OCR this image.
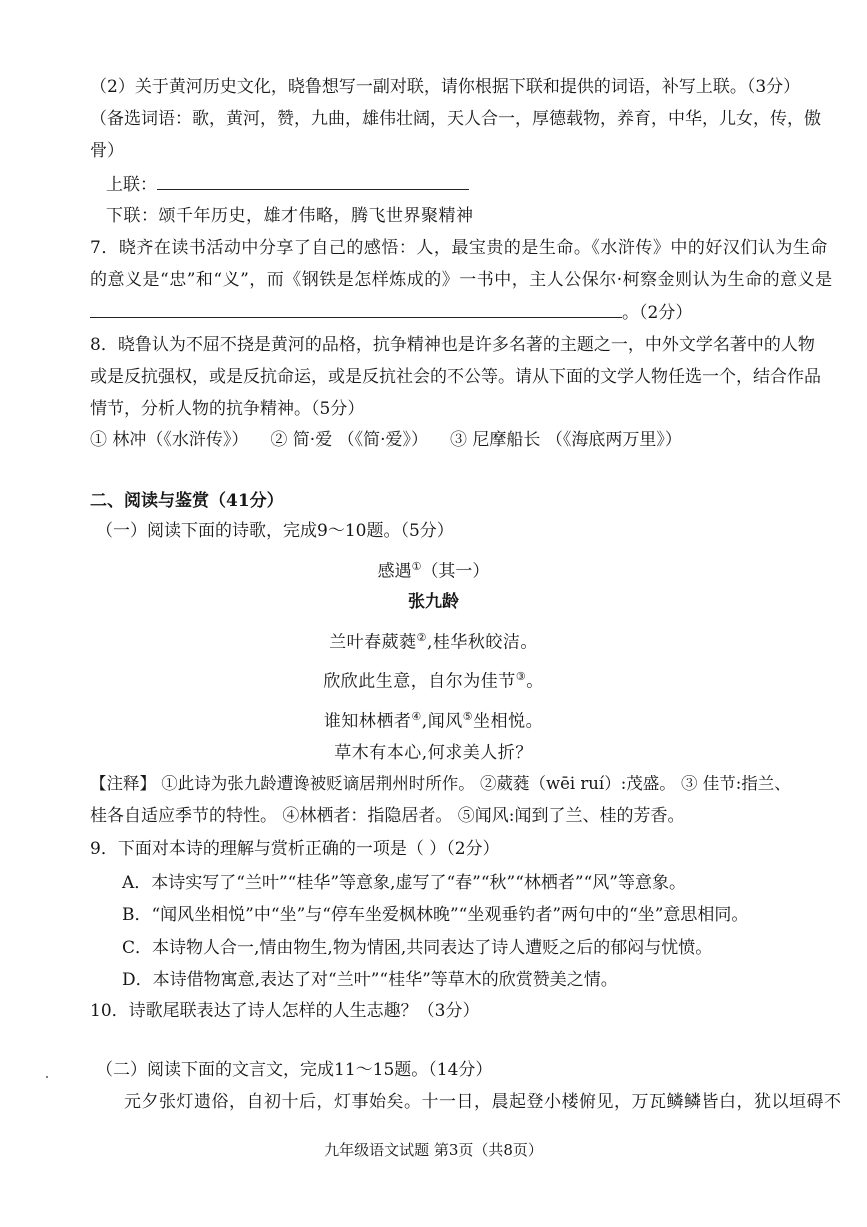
（2）关于黄河历史文化，晓鲁想写一副对联，请你根据下联和提供的词语，补写上联。（3分）
（备选词语：歌，黄河，赞，九曲，雄伟壮阔，天人合一，厚德载物，养育，中华，儿女，传，傲
骨）
上联：
下联：颂千年历史，雄才伟略，腾飞世界聚精神
7．晓齐在读书活动中分享了自己的感悟：人，最宝贵的是生命。《水浒传》中的好汉们认为生命
的意义是“忠”和“义”，而《钢铁是怎样炼成的》一书中，主人公保尔·柯察金则认为生命的意义是
。（2分）
8．晓鲁认为不屈不挠是黄河的品格，抗争精神也是许多名著的主题之一，中外文学名著中的人物
或是反抗强权，或是反抗命运，或是反抗社会的不公等。请从下面的文学人物任选一个，结合作品
情节，分析人物的抗争精神。（5分）
① 林冲（《水浒传》） ② 简·爱 （《简·爱》） ③ 尼摩船长 （《海底两万里》）
二、阅读与鉴赏（41分）
（一）阅读下面的诗歌，完成9～10题。（5分）
感遇①（其一）
张九龄
兰叶春葳蕤②,桂华秋皎洁。
欣欣此生意，自尔为佳节③。
谁知林栖者④,闻风⑤坐相悦。
草木有本心,何求美人折？
【注释】 ①此诗为张九龄遭谗被贬谪居荆州时所作。 ②葳蕤（wēi ruí）:茂盛。 ③ 佳节:指兰、
桂各自适应季节的特性。 ④林栖者：指隐居者。 ⑤闻风:闻到了兰、桂的芳香。
9．下面对本诗的理解与赏析正确的一项是（ ）（2分）
A．本诗实写了“兰叶”“桂华”等意象,虚写了“春”“秋”“林栖者”“风”等意象。
B．“闻风坐相悦”中“坐”与“停车坐爱枫林晚”“坐观垂钓者”两句中的“坐”意思相同。
C．本诗物人合一,情由物生,物为情困,共同表达了诗人遭贬之后的郁闷与忧愤。
D．本诗借物寓意,表达了对“兰叶”“桂华”等草木的欣赏赞美之情。
10．诗歌尾联表达了诗人怎样的人生志趣？（3分）
（二）阅读下面的文言文，完成11～15题。（14分）
元夕张灯遗俗，自初十后，灯事始矣。十一日，晨起登小楼俯见，万瓦鳞鳞皆白，犹以垣碍不
九年级语文试题 第3页（共8页）
